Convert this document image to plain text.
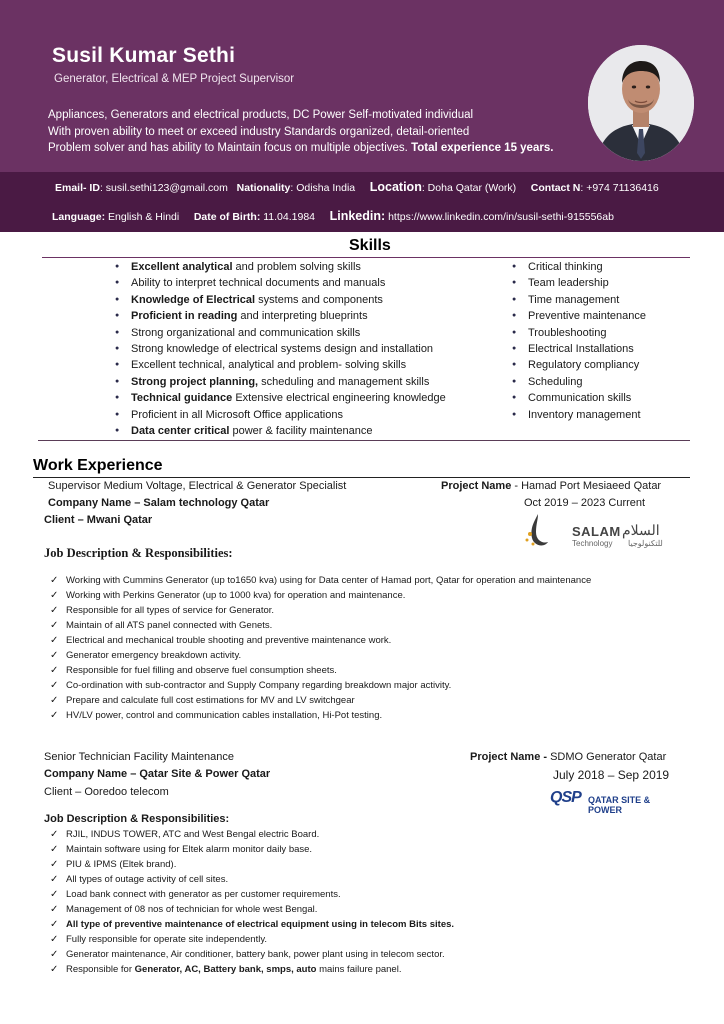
Susil Kumar Sethi
Generator, Electrical & MEP Project Supervisor
Appliances, Generators and electrical products, DC Power Self-motivated individual
With proven ability to meet or exceed industry Standards organized, detail-oriented
Problem solver and has ability to Maintain focus on multiple objectives. Total experience 15 years.
Email- ID: susil.sethi123@gmail.com Nationality: Odisha India Location: Doha Qatar (Work) Contact N: +974 71136416
Language: English & Hindi Date of Birth: 11.04.1984 Linkedin: https://www.linkedin.com/in/susil-sethi-915556ab
Skills
● Excellent analytical and problem solving skills
● Ability to interpret technical documents and manuals
● Knowledge of Electrical systems and components
● Proficient in reading and interpreting blueprints
● Strong organizational and communication skills
● Strong knowledge of electrical systems design and installation
● Excellent technical, analytical and problem- solving skills
● Strong project planning, scheduling and management skills
● Technical guidance Extensive electrical engineering knowledge
● Proficient in all Microsoft Office applications
● Data center critical power & facility maintenance
● Critical thinking
● Team leadership
● Time management
● Preventive maintenance
● Troubleshooting
● Electrical Installations
● Regulatory compliancy
● Scheduling
● Communication skills
● Inventory management
Work Experience
Supervisor Medium Voltage, Electrical & Generator Specialist	Project Name - Hamad Port Mesiaeed Qatar
Company Name – Salam technology Qatar	Oct 2019 – 2023 Current
Client – Mwani Qatar
SALAM
Technology
السلام
للتكنولوجيا
Job Description & Responsibilities:
✓ Working with Cummins Generator (up to1650 kva) using for Data center of Hamad port, Qatar for operation and maintenance
✓ Working with Perkins Generator (up to 1000 kva) for operation and maintenance.
✓ Responsible for all types of service for Generator.
✓ Maintain of all ATS panel connected with Genets.
✓ Electrical and mechanical trouble shooting and preventive maintenance work.
✓ Generator emergency breakdown activity.
✓ Responsible for fuel filling and observe fuel consumption sheets.
✓ Co-ordination with sub-contractor and Supply Company regarding breakdown major activity.
✓ Prepare and calculate full cost estimations for MV and LV switchgear
✓ HV/LV power, control and communication cables installation, Hi-Pot testing.
Senior Technician Facility Maintenance	Project Name - SDMO Generator Qatar
Company Name – Qatar Site & Power Qatar	July 2018 – Sep 2019
Client – Ooredoo telecom	QSP QATAR SITE & POWER
Job Description & Responsibilities:
✓ RJIL, INDUS TOWER, ATC and West Bengal electric Board.
✓ Maintain software using for Eltek alarm monitor daily base.
✓ PIU & IPMS (Eltek brand).
✓ All types of outage activity of cell sites.
✓ Load bank connect with generator as per customer requirements.
✓ Management of 08 nos of technician for whole west Bengal.
✓ All type of preventive maintenance of electrical equipment using in telecom Bits sites.
✓ Fully responsible for operate site independently.
✓ Generator maintenance, Air conditioner, battery bank, power plant using in telecom sector.
✓ Responsible for Generator, AC, Battery bank, smps, auto mains failure panel.
